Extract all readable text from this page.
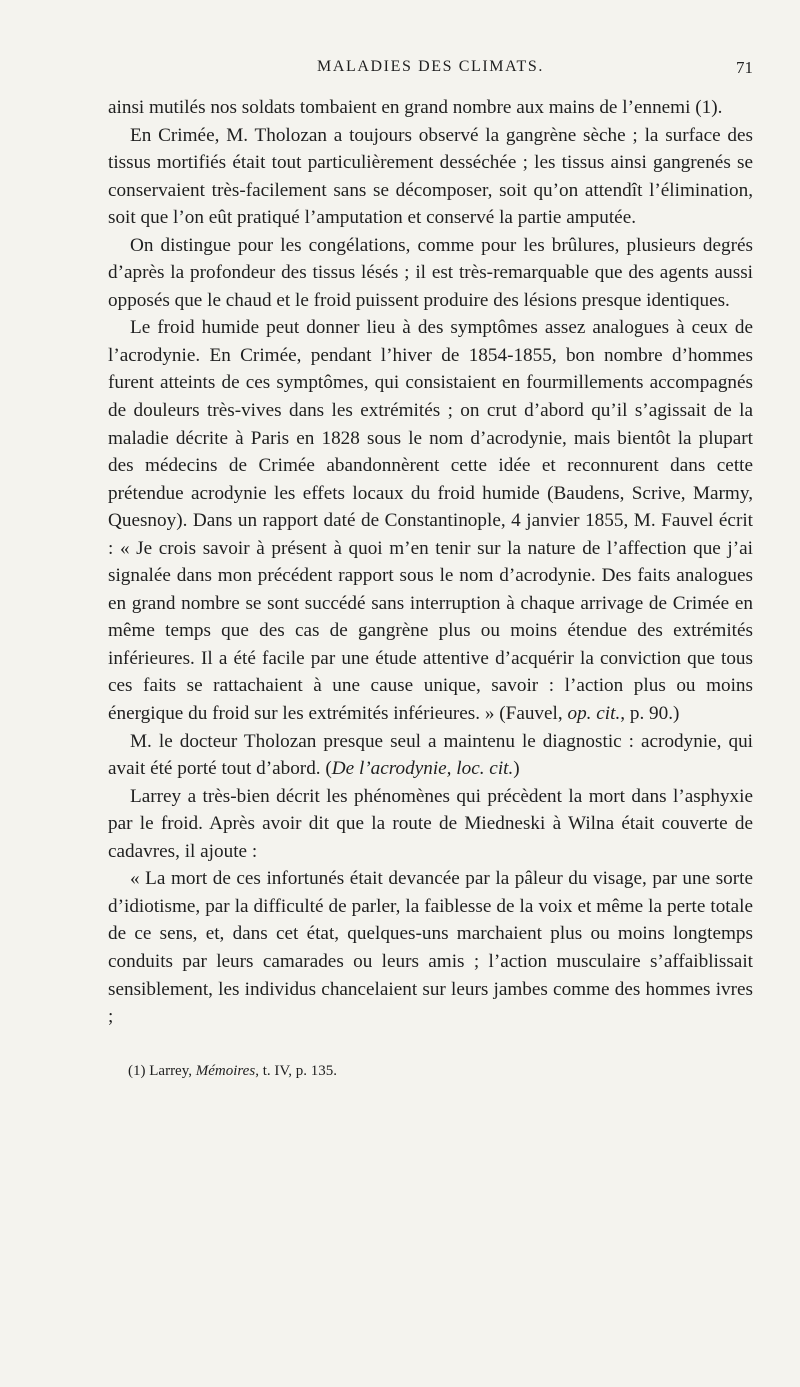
MALADIES DES CLIMATS.	71

ainsi mutilés nos soldats tombaient en grand nombre aux mains de l’ennemi (1).

En Crimée, M. Tholozan a toujours observé la gangrène sèche ; la surface des tissus mortifiés était tout particulièrement desséchée ; les tissus ainsi gangrenés se conservaient très-facilement sans se décomposer, soit qu’on attendît l’élimination, soit que l’on eût pratiqué l’amputation et conservé la partie amputée.

On distingue pour les congélations, comme pour les brûlures, plusieurs degrés d’après la profondeur des tissus lésés ; il est très-remarquable que des agents aussi opposés que le chaud et le froid puissent produire des lésions presque identiques.

Le froid humide peut donner lieu à des symptômes assez analogues à ceux de l’acrodynie. En Crimée, pendant l’hiver de 1854-1855, bon nombre d’hommes furent atteints de ces symptômes, qui consistaient en fourmillements accompagnés de douleurs très-vives dans les extrémités ; on crut d’abord qu’il s’agissait de la maladie décrite à Paris en 1828 sous le nom d’acrodynie, mais bientôt la plupart des médecins de Crimée abandonnèrent cette idée et reconnurent dans cette prétendue acrodynie les effets locaux du froid humide (Baudens, Scrive, Marmy, Quesnoy). Dans un rapport daté de Constantinople, 4 janvier 1855, M. Fauvel écrit : « Je crois savoir à présent à quoi m’en tenir sur la nature de l’affection que j’ai signalée dans mon précédent rapport sous le nom d’acrodynie. Des faits analogues en grand nombre se sont succédé sans interruption à chaque arrivage de Crimée en même temps que des cas de gangrène plus ou moins étendue des extrémités inférieures. Il a été facile par une étude attentive d’acquérir la conviction que tous ces faits se rattachaient à une cause unique, savoir : l’action plus ou moins énergique du froid sur les extrémités inférieures. » (Fauvel, op. cit., p. 90.)

M. le docteur Tholozan presque seul a maintenu le diagnostic : acrodynie, qui avait été porté tout d’abord. (De l’acrodynie, loc. cit.)

Larrey a très-bien décrit les phénomènes qui précèdent la mort dans l’asphyxie par le froid. Après avoir dit que la route de Miedneski à Wilna était couverte de cadavres, il ajoute :

« La mort de ces infortunés était devancée par la pâleur du visage, par une sorte d’idiotisme, par la difficulté de parler, la faiblesse de la voix et même la perte totale de ce sens, et, dans cet état, quelques-uns marchaient plus ou moins longtemps conduits par leurs camarades ou leurs amis ; l’action musculaire s’affaiblissait sensiblement, les individus chancelaient sur leurs jambes comme des hommes ivres ;

(1) Larrey, Mémoires, t. IV, p. 135.
